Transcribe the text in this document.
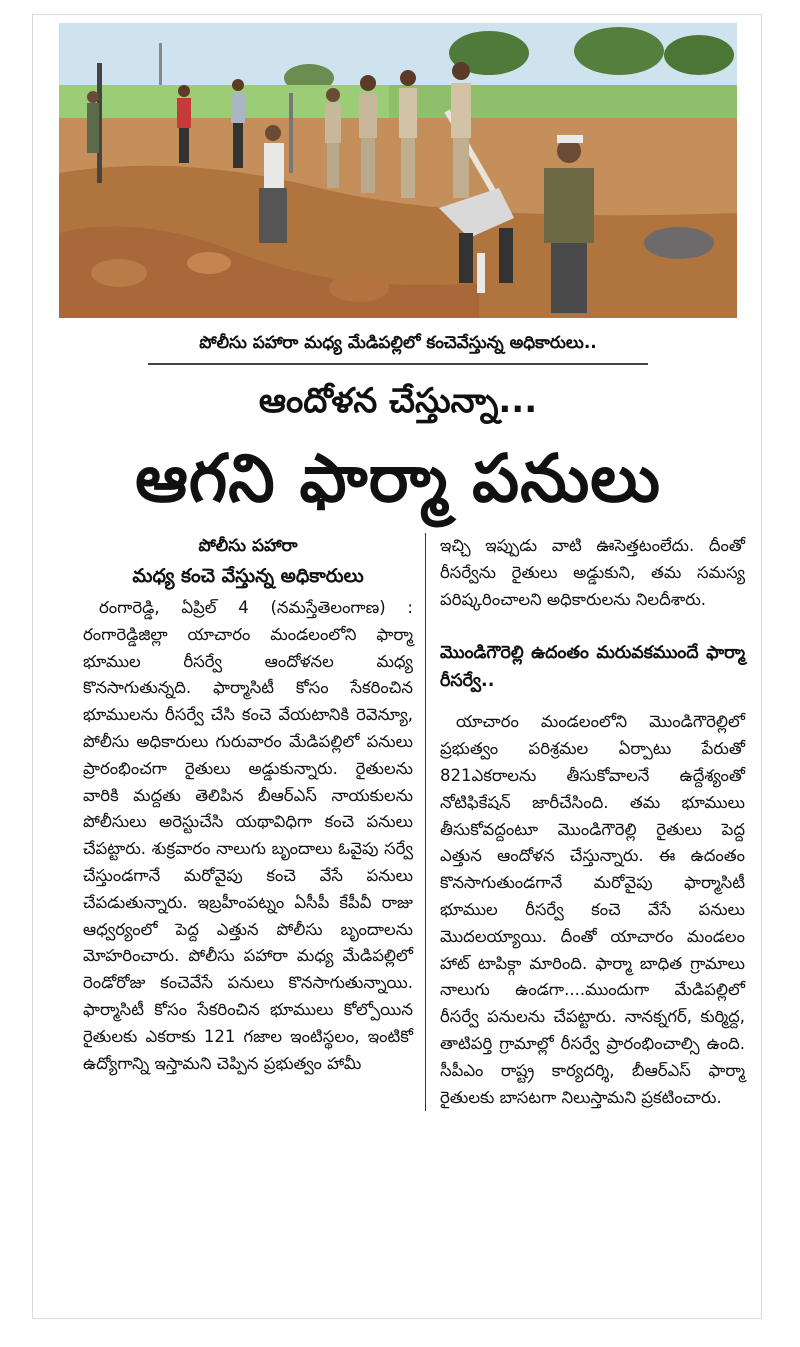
పోలీసు పహారా మధ్య మేడిపల్లిలో కంచెవేస్తున్న అధికారులు..
ఆందోళన చేస్తున్నా...
ఆగని ఫార్మా పనులు
పోలీసు పహారా
మధ్య కంచె వేస్తున్న అధికారులు

రంగారెడ్డి, ఏప్రిల్ 4 (నమస్తేతెలంగాణ) : రంగారెడ్డిజిల్లా యాచారం మండలంలోని ఫార్మా భూముల రీసర్వే ఆందోళనల మధ్య కొనసాగుతున్నది. ఫార్మాసిటీ కోసం సేకరించిన భూములను రీసర్వే చేసి కంచె వేయటానికి రెవెన్యూ, పోలీసు అధికారులు గురువారం మేడిపల్లిలో పనులు ప్రారంభించగా రైతులు అడ్డుకున్నారు. రైతులను వారికి మద్దతు తెలిపిన బీఆర్ఎస్ నాయకులను పోలీసులు అరెస్టుచేసి యథావిధిగా కంచె పనులు చేపట్టారు. శుక్రవారం నాలుగు బృందాలు ఓవైపు సర్వే చేస్తుండగానే మరోవైపు కంచె వేసే పనులు చేపడుతున్నారు. ఇబ్రహీంపట్నం ఏసీపీ కేపీవీ రాజు ఆధ్వర్యంలో పెద్ద ఎత్తున పోలీసు బృందాలను మోహరించారు. పోలీసు పహారా మధ్య మేడిపల్లిలో రెండోరోజు కంచెవేసే పనులు కొనసాగుతున్నాయి. ఫార్మాసిటీ కోసం సేకరించిన భూములు కోల్పోయిన రైతులకు ఎకరాకు 121 గజాల ఇంటిస్థలం, ఇంటికో ఉద్యోగాన్ని ఇస్తామని చెప్పిన ప్రభుత్వం హామీ

ఇచ్చి ఇప్పుడు వాటి ఊసెత్తటంలేదు. దీంతో రీసర్వేను రైతులు అడ్డుకుని, తమ సమస్య పరిష్కరించాలని అధికారులను నిలదీశారు.

మొండిగౌరెల్లి ఉదంతం మరువకముందే ఫార్మా రీసర్వే..

యాచారం మండలంలోని మొండిగౌరెల్లిలో ప్రభుత్వం పరిశ్రమల ఏర్పాటు పేరుతో 821ఎకరాలను తీసుకోవాలనే ఉద్దేశ్యంతో నోటిఫికేషన్ జారీచేసింది. తమ భూములు తీసుకోవద్దంటూ మొండిగౌరెల్లి రైతులు పెద్ద ఎత్తున ఆందోళన చేస్తున్నారు. ఈ ఉదంతం కొనసాగుతుండగానే మరోవైపు ఫార్మాసిటీ భూముల రీసర్వే కంచె వేసే పనులు మొదలయ్యాయి. దీంతో యాచారం మండలం హాట్ టాపిక్గా మారింది. ఫార్మా బాధిత గ్రామాలు నాలుగు ఉండగా....ముందుగా మేడిపల్లిలో రీసర్వే పనులను చేపట్టారు. నానక్నగర్, కుర్మిద్ద, తాటిపర్తి గ్రామాల్లో రీసర్వే ప్రారంభించాల్సి ఉంది. సీపీఎం రాష్ట్ర కార్యదర్శి, బీఆర్ఎస్ ఫార్మా రైతులకు బాసటగా నిలుస్తామని ప్రకటించారు.
